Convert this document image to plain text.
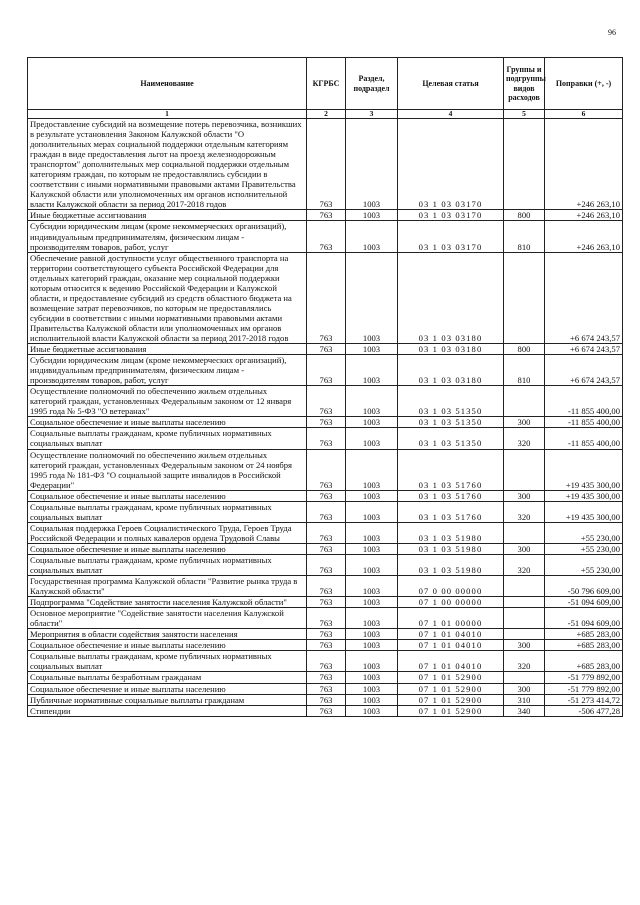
96
Наименование	КГРБС	Раздел, подраздел	Целевая статья	Группы и подгруппы видов расходов	Поправки (+, -)
1	2	3	4	5	6
Предоставление субсидий на возмещение потерь перевозчика, возникших в результате установления Законом Калужской области "О дополнительных мерах социальной поддержки отдельным категориям граждан в виде предоставления льгот на проезд железнодорожным транспортом" дополнительных мер социальной поддержки отдельным категориям граждан, по которым не предоставлялись субсидии в соответствии с иными нормативными правовыми актами Правительства Калужской области или уполномоченных им органов исполнительной власти Калужской области за период 2017-2018 годов	763	1003	03 1 03 03170		+246 263,10
Иные бюджетные ассигнования	763	1003	03 1 03 03170	800	+246 263,10
Субсидии юридическим лицам (кроме некоммерческих организаций), индивидуальным предпринимателям, физическим лицам - производителям товаров, работ, услуг	763	1003	03 1 03 03170	810	+246 263,10
Обеспечение равной доступности услуг общественного транспорта на территории соответствующего субъекта Российской Федерации для отдельных категорий граждан, оказание мер социальной поддержки которым относится к ведению Российской Федерации и Калужской области, и предоставление субсидий из средств областного бюджета на возмещение затрат перевозчиков, по которым не предоставлялись субсидии в соответствии с иными нормативными правовыми актами Правительства Калужской области или уполномоченных им органов исполнительной власти Калужской области за период 2017-2018 годов	763	1003	03 1 03 03180		+6 674 243,57
Иные бюджетные ассигнования	763	1003	03 1 03 03180	800	+6 674 243,57
Субсидии юридическим лицам (кроме некоммерческих организаций), индивидуальным предпринимателям, физическим лицам - производителям товаров, работ, услуг	763	1003	03 1 03 03180	810	+6 674 243,57
Осуществление полномочий по обеспечению жильем отдельных категорий граждан, установленных Федеральным законом от 12 января 1995 года № 5-ФЗ "О ветеранах"	763	1003	03 1 03 51350		-11 855 400,00
Социальное обеспечение и иные выплаты населению	763	1003	03 1 03 51350	300	-11 855 400,00
Социальные выплаты гражданам, кроме публичных нормативных социальных выплат	763	1003	03 1 03 51350	320	-11 855 400,00
Осуществление полномочий по обеспечению жильем отдельных категорий граждан, установленных Федеральным законом от 24 ноября 1995 года № 181-ФЗ "О социальной защите инвалидов в Российской Федерации"	763	1003	03 1 03 51760		+19 435 300,00
Социальное обеспечение и иные выплаты населению	763	1003	03 1 03 51760	300	+19 435 300,00
Социальные выплаты гражданам, кроме публичных нормативных социальных выплат	763	1003	03 1 03 51760	320	+19 435 300,00
Социальная поддержка Героев Социалистического Труда, Героев Труда Российской Федерации и полных кавалеров ордена Трудовой Славы	763	1003	03 1 03 51980		+55 230,00
Социальное обеспечение и иные выплаты населению	763	1003	03 1 03 51980	300	+55 230,00
Социальные выплаты гражданам, кроме публичных нормативных социальных выплат	763	1003	03 1 03 51980	320	+55 230,00
Государственная программа Калужской области "Развитие рынка труда в Калужской области"	763	1003	07 0 00 00000		-50 796 609,00
Подпрограмма "Содействие занятости населения Калужской области"	763	1003	07 1 00 00000		-51 094 609,00
Основное мероприятие "Содействие занятости населения Калужской области"	763	1003	07 1 01 00000		-51 094 609,00
Мероприятия в области содействия занятости населения	763	1003	07 1 01 04010		+685 283,00
Социальное обеспечение и иные выплаты населению	763	1003	07 1 01 04010	300	+685 283,00
Социальные выплаты гражданам, кроме публичных нормативных социальных выплат	763	1003	07 1 01 04010	320	+685 283,00
Социальные выплаты безработным гражданам	763	1003	07 1 01 52900		-51 779 892,00
Социальное обеспечение и иные выплаты населению	763	1003	07 1 01 52900	300	-51 779 892,00
Публичные нормативные социальные выплаты гражданам	763	1003	07 1 01 52900	310	-51 273 414,72
Стипендии	763	1003	07 1 01 52900	340	-506 477,28
